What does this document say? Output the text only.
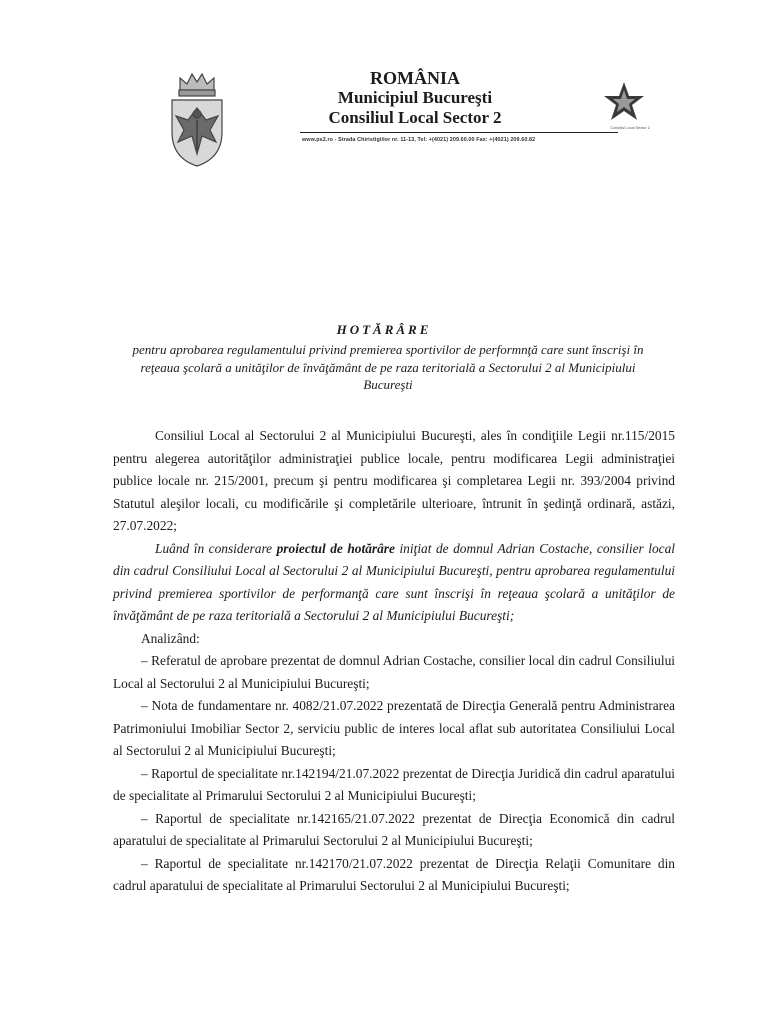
ROMÂNIA
Municipiul Bucureşti
Consiliul Local Sector 2
www.ps2.ro - Strada Chiristigiilor nr. 11-13, Tel: +(4021) 209.60.00 Fax: +(4021) 209.60.82
Consiliul Local Sector 2
HOTĂRÂRE
pentru aprobarea regulamentului privind premierea sportivilor de performnţă care sunt înscrişi în reţeaua şcolară a unităţilor de învăţământ de pe raza teritorială a Sectorului 2 al Municipiului Bucureşti

Consiliul Local al Sectorului 2 al Municipiului Bucureşti, ales în condiţiile Legii nr.115/2015 pentru alegerea autorităţilor administraţiei publice locale, pentru modificarea Legii administraţiei publice locale nr. 215/2001, precum şi pentru modificarea şi completarea Legii nr. 393/2004 privind Statutul aleşilor locali, cu modificările şi completările ulterioare, întrunit în şedinţă ordinară, astăzi, 27.07.2022;

Luând în considerare proiectul de hotărâre iniţiat de domnul Adrian Costache, consilier local din cadrul Consiliului Local al Sectorului 2 al Municipiului Bucureşti, pentru aprobarea regulamentului privind premierea sportivilor de performanţă care sunt înscrişi în reţeaua şcolară a unităţilor de învăţământ de pe raza teritorială a Sectorului 2 al Municipiului Bucureşti;

Analizând:

– Referatul de aprobare prezentat de domnul Adrian Costache, consilier local din cadrul Consiliului Local al Sectorului 2 al Municipiului Bucureşti;

– Nota de fundamentare nr. 4082/21.07.2022 prezentată de Direcţia Generală pentru Administrarea Patrimoniului Imobiliar Sector 2, serviciu public de interes local aflat sub autoritatea Consiliului Local al Sectorului 2 al Municipiului Bucureşti;

– Raportul de specialitate nr.142194/21.07.2022 prezentat de Direcţia Juridică din cadrul aparatului de specialitate al Primarului Sectorului 2 al Municipiului Bucureşti;

– Raportul de specialitate nr.142165/21.07.2022 prezentat de Direcţia Economică din cadrul aparatului de specialitate al Primarului Sectorului 2 al Municipiului Bucureşti;

– Raportul de specialitate nr.142170/21.07.2022 prezentat de Direcţia Relaţii Comunitare din cadrul aparatului de specialitate al Primarului Sectorului 2 al Municipiului Bucureşti;
